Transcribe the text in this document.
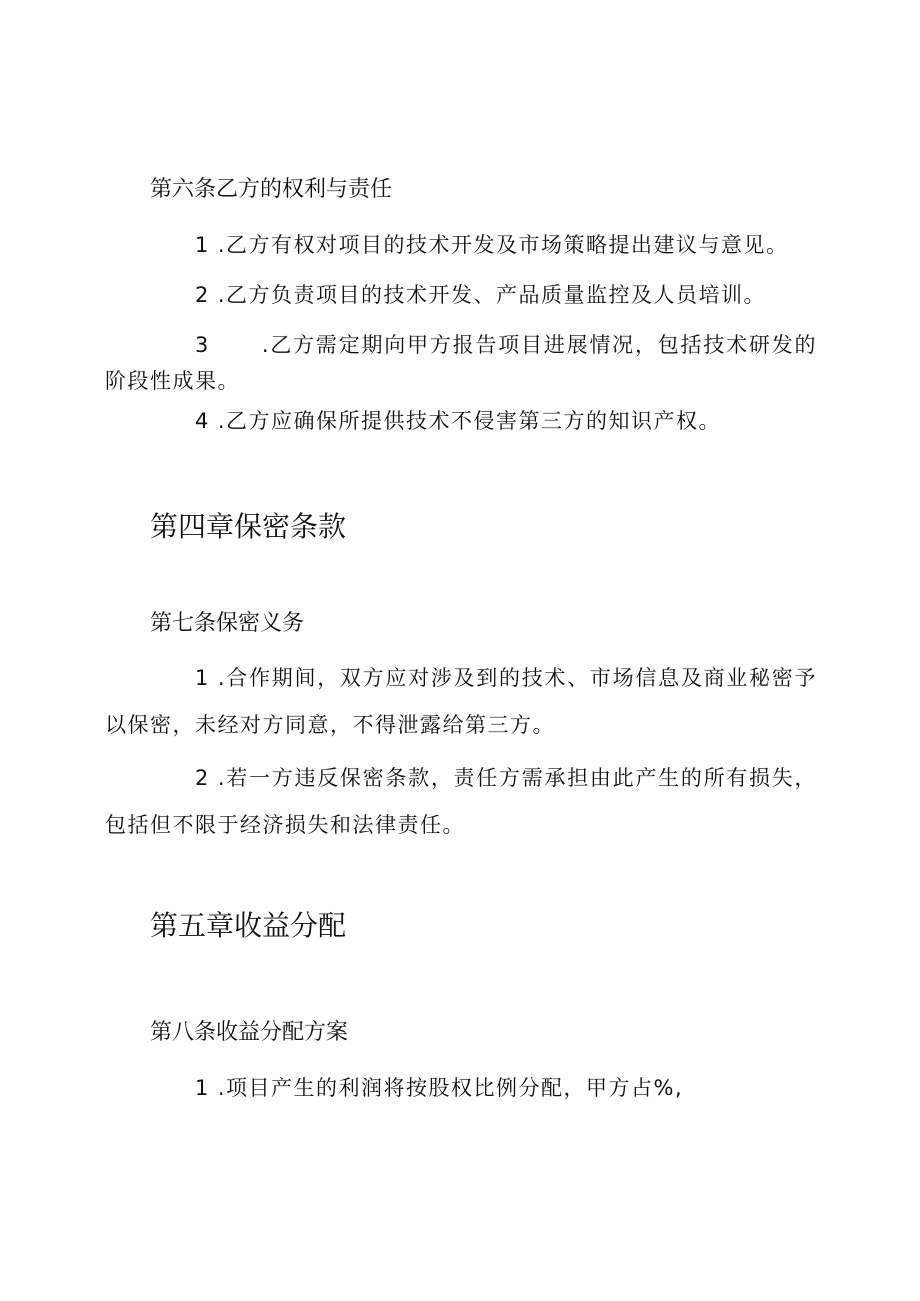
第六条乙方的权利与责任

1 .乙方有权对项目的技术开发及市场策略提出建议与意见。

2 .乙方负责项目的技术开发、产品质量监控及人员培训。

3 .乙方需定期向甲方报告项目进展情况，包括技术研发的阶段性成果。

4 .乙方应确保所提供技术不侵害第三方的知识产权。

第四章保密条款
第七条保密义务

1 .合作期间，双方应对涉及到的技术、市场信息及商业秘密予以保密，未经对方同意，不得泄露给第三方。

2 .若一方违反保密条款，责任方需承担由此产生的所有损失，包括但不限于经济损失和法律责任。

第五章收益分配
第八条收益分配方案

1 .项目产生的利润将按股权比例分配，甲方占%,
